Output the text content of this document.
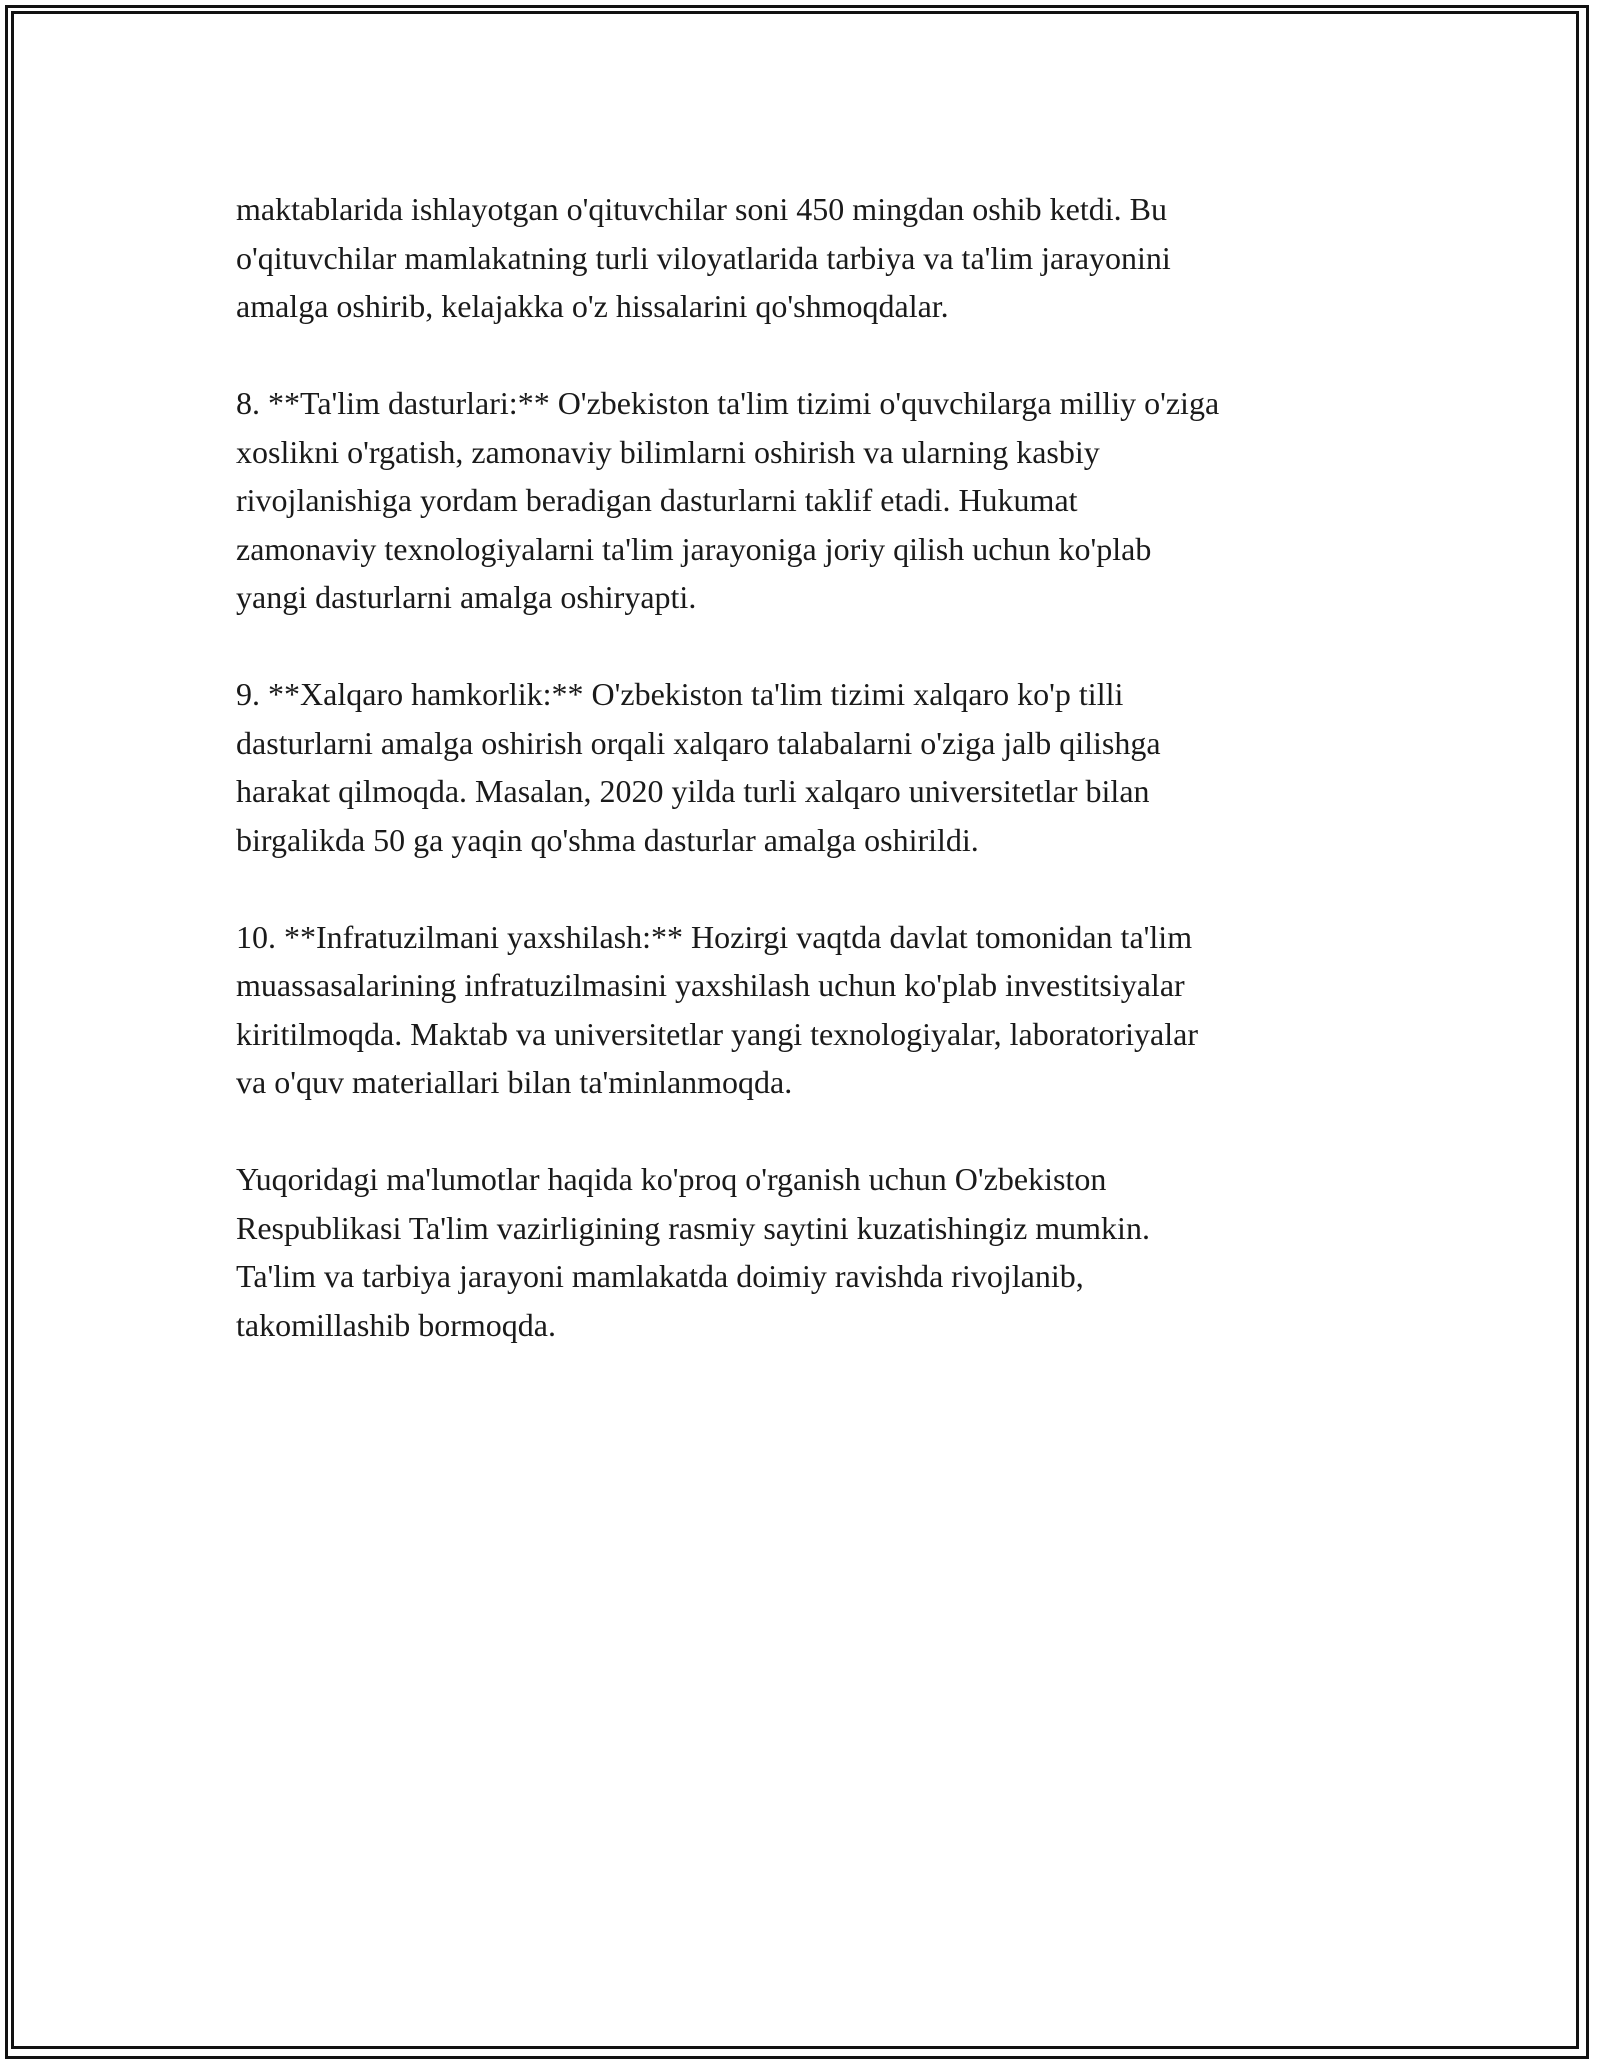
maktablarida ishlayotgan o'qituvchilar soni 450 mingdan oshib ketdi. Bu
o'qituvchilar mamlakatning turli viloyatlarida tarbiya va ta'lim jarayonini
amalga oshirib, kelajakka o'z hissalarini qo'shmoqdalar.

8. **Ta'lim dasturlari:** O'zbekiston ta'lim tizimi o'quvchilarga milliy o'ziga
xoslikni o'rgatish, zamonaviy bilimlarni oshirish va ularning kasbiy
rivojlanishiga yordam beradigan dasturlarni taklif etadi. Hukumat
zamonaviy texnologiyalarni ta'lim jarayoniga joriy qilish uchun ko'plab
yangi dasturlarni amalga oshiryapti.

9. **Xalqaro hamkorlik:** O'zbekiston ta'lim tizimi xalqaro ko'p tilli
dasturlarni amalga oshirish orqali xalqaro talabalarni o'ziga jalb qilishga
harakat qilmoqda. Masalan, 2020 yilda turli xalqaro universitetlar bilan
birgalikda 50 ga yaqin qo'shma dasturlar amalga oshirildi.

10. **Infratuzilmani yaxshilash:** Hozirgi vaqtda davlat tomonidan ta'lim
muassasalarining infratuzilmasini yaxshilash uchun ko'plab investitsiyalar
kiritilmoqda. Maktab va universitetlar yangi texnologiyalar, laboratoriyalar
va o'quv materiallari bilan ta'minlanmoqda.

Yuqoridagi ma'lumotlar haqida ko'proq o'rganish uchun O'zbekiston
Respublikasi Ta'lim vazirligining rasmiy saytini kuzatishingiz mumkin.
Ta'lim va tarbiya jarayoni mamlakatda doimiy ravishda rivojlanib,
takomillashib bormoqda.
